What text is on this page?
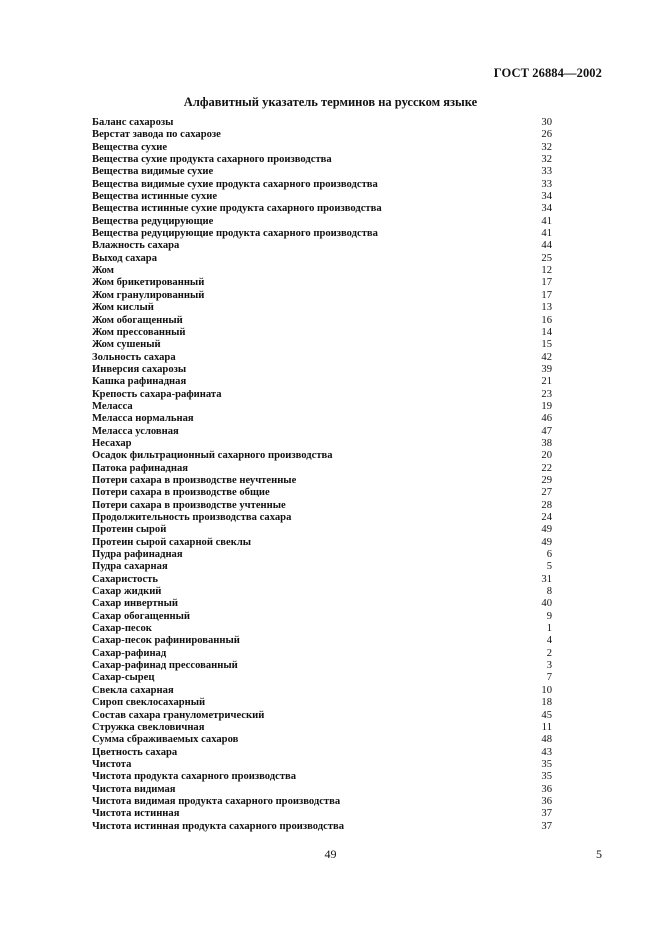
ГОСТ 26884—2002
Алфавитный указатель терминов на русском языке
Баланс сахарозы	30
Верстат завода по сахарозе	26
Вещества сухие	32
Вещества сухие продукта сахарного производства	32
Вещества видимые сухие	33
Вещества видимые сухие продукта сахарного производства	33
Вещества истинные сухие	34
Вещества истинные сухие продукта сахарного производства	34
Вещества редуцирующие	41
Вещества редуцирующие продукта сахарного производства	41
Влажность сахара	44
Выход сахара	25
Жом	12
Жом брикетированный	17
Жом гранулированный	17
Жом кислый	13
Жом обогащенный	16
Жом прессованный	14
Жом сушеный	15
Зольность сахара	42
Инверсия сахарозы	39
Кашка рафинадная	21
Крепость сахара-рафината	23
Меласса	19
Меласса нормальная	46
Меласса условная	47
Несахар	38
Осадок фильтрационный сахарного производства	20
Патока рафинадная	22
Потери сахара в производстве неучтенные	29
Потери сахара в производстве общие	27
Потери сахара в производстве учтенные	28
Продолжительность производства сахара	24
Протеин сырой	49
Протеин сырой сахарной свеклы	49
Пудра рафинадная	6
Пудра сахарная	5
Сахаристость	31
Сахар жидкий	8
Сахар инвертный	40
Сахар обогащенный	9
Сахар-песок	1
Сахар-песок рафинированный	4
Сахар-рафинад	2
Сахар-рафинад прессованный	3
Сахар-сырец	7
Свекла сахарная	10
Сироп свеклосахарный	18
Состав сахара гранулометрический	45
Стружка свекловичная	11
Сумма сбраживаемых сахаров	48
Цветность сахара	43
Чистота	35
Чистота продукта сахарного производства	35
Чистота видимая	36
Чистота видимая продукта сахарного производства	36
Чистота истинная	37
Чистота истинная продукта сахарного производства	37
49	5
